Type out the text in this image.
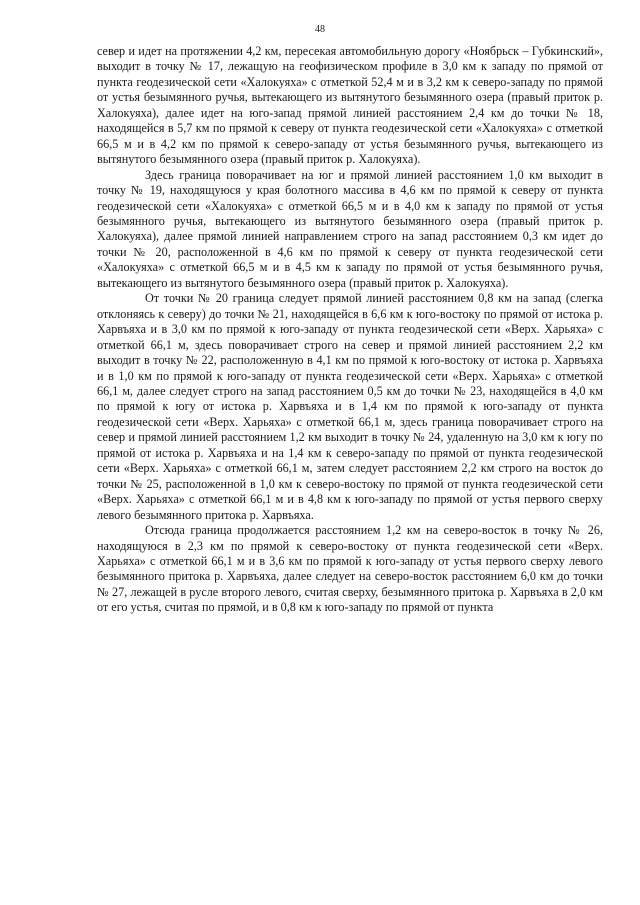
48

север и идет на протяжении 4,2 км, пересекая автомобильную дорогу «Ноябрьск – Губкинский», выходит в точку № 17, лежащую на геофизическом профиле в 3,0 км к западу по прямой от пункта геодезической сети «Халокуяха» с отметкой 52,4 м и в 3,2 км к северо-западу по прямой от устья безымянного ручья, вытекающего из вытянутого безымянного озера (правый приток р. Халокуяха), далее идет на юго-запад прямой линией расстоянием 2,4 км до точки № 18, находящейся в 5,7 км по прямой к северу от пункта геодезической сети «Халокуяха» с отметкой 66,5 м и в 4,2 км по прямой к северо-западу от устья безымянного ручья, вытекающего из вытянутого безымянного озера (правый приток р. Халокуяха).

Здесь граница поворачивает на юг и прямой линией расстоянием 1,0 км выходит в точку № 19, находящуюся у края болотного массива в 4,6 км по прямой к северу от пункта геодезической сети «Халокуяха» с отметкой 66,5 м и в 4,0 км к западу по прямой от устья безымянного ручья, вытекающего из вытянутого безымянного озера (правый приток р. Халокуяха), далее прямой линией направлением строго на запад расстоянием 0,3 км идет до точки № 20, расположенной в 4,6 км по прямой к северу от пункта геодезической сети «Халокуяха» с отметкой 66,5 м и в 4,5 км к западу по прямой от устья безымянного ручья, вытекающего из вытянутого безымянного озера (правый приток р. Халокуяха).

От точки № 20 граница следует прямой линией расстоянием 0,8 км на запад (слегка отклоняясь к северу) до точки № 21, находящейся в 6,6 км к юго-востоку по прямой от истока р. Харвъяха и в 3,0 км по прямой к юго-западу от пункта геодезической сети «Верх. Харьяха» с отметкой 66,1 м, здесь поворачивает строго на север и прямой линией расстоянием 2,2 км выходит в точку № 22, расположенную в 4,1 км по прямой к юго-востоку от истока р. Харвъяха и в 1,0 км по прямой к юго-западу от пункта геодезической сети «Верх. Харьяха» с отметкой 66,1 м, далее следует строго на запад расстоянием 0,5 км до точки № 23, находящейся в 4,0 км по прямой к югу от истока р. Харвъяха и в 1,4 км по прямой к юго-западу от пункта геодезической сети «Верх. Харьяха» с отметкой 66,1 м, здесь граница поворачивает строго на север и прямой линией расстоянием 1,2 км выходит в точку № 24, удаленную на 3,0 км к югу по прямой от истока р. Харвъяха и на 1,4 км к северо-западу по прямой от пункта геодезической сети «Верх. Харьяха» с отметкой 66,1 м, затем следует расстоянием 2,2 км строго на восток до точки № 25, расположенной в 1,0 км к северо-востоку по прямой от пункта геодезической сети «Верх. Харьяха» с отметкой 66,1 м и в 4,8 км к юго-западу по прямой от устья первого сверху левого безымянного притока р. Харвъяха.

Отсюда граница продолжается расстоянием 1,2 км на северо-восток в точку № 26, находящуюся в 2,3 км по прямой к северо-востоку от пункта геодезической сети «Верх. Харьяха» с отметкой 66,1 м и в 3,6 км по прямой к юго-западу от устья первого сверху левого безымянного притока р. Харвъяха, далее следует на северо-восток расстоянием 6,0 км до точки № 27, лежащей в русле второго левого, считая сверху, безымянного притока р. Харвъяха в 2,0 км от его устья, считая по прямой, и в 0,8 км к юго-западу по прямой от пункта
